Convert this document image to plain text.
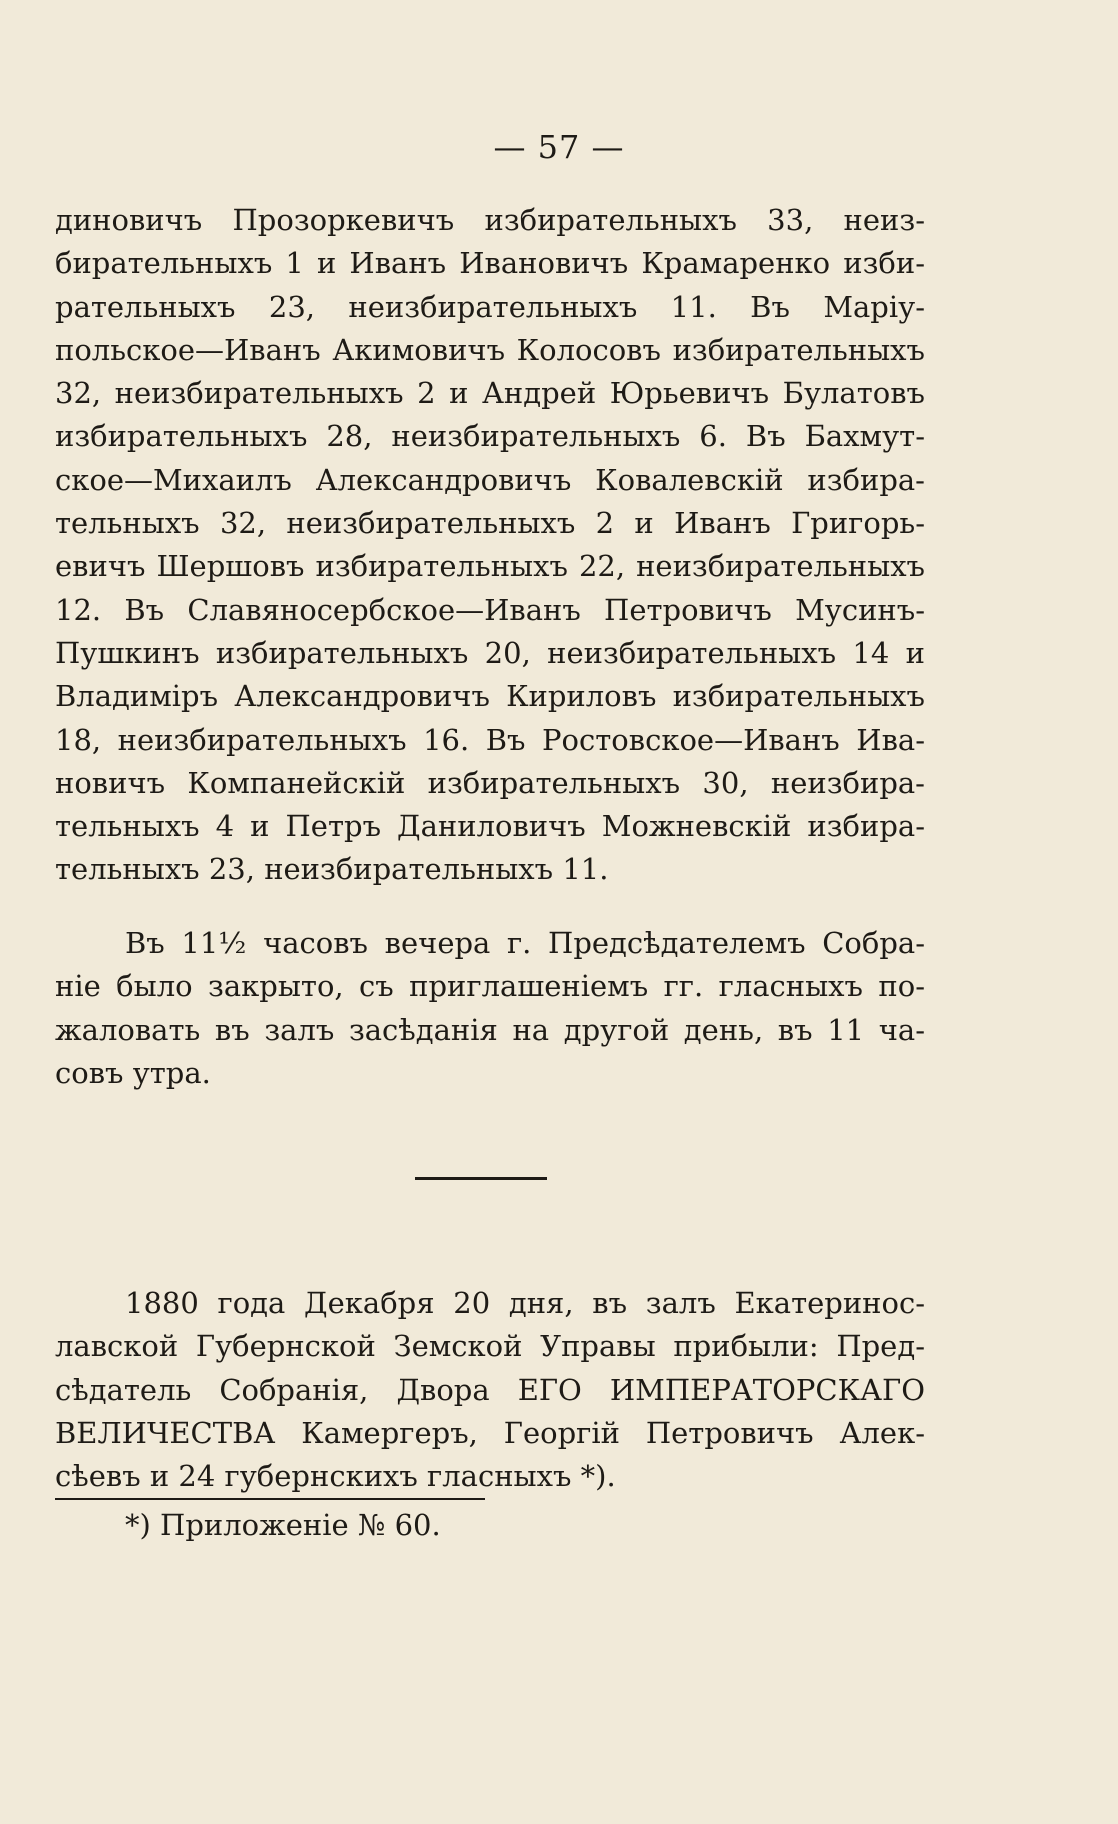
— 57 —
диновичъ Прозоркевичъ избирательныхъ 33, неиз-
бирательныхъ 1 и Иванъ Ивановичъ Крамаренко изби-
рательныхъ 23, неизбирательныхъ 11. Въ Маріу-
польское—Иванъ Акимовичъ Колосовъ избирательныхъ
32, неизбирательныхъ 2 и Андрей Юрьевичъ Булатовъ
избирательныхъ 28, неизбирательныхъ 6. Въ Бахмут-
ское—Михаилъ Александровичъ Ковалевскій избира-
тельныхъ 32, неизбирательныхъ 2 и Иванъ Григорь-
евичъ Шершовъ избирательныхъ 22, неизбирательныхъ
12. Въ Славяносербское—Иванъ Петровичъ Мусинъ-
Пушкинъ избирательныхъ 20, неизбирательныхъ 14 и
Владиміръ Александровичъ Кириловъ избирательныхъ
18, неизбирательныхъ 16. Въ Ростовское—Иванъ Ива-
новичъ Компанейскій избирательныхъ 30, неизбира-
тельныхъ 4 и Петръ Даниловичъ Можневскій избира-
тельныхъ 23, неизбирательныхъ 11.
Въ 11½ часовъ вечера г. Предсѣдателемъ Собра-
ніе было закрыто, съ приглашеніемъ гг. гласныхъ по-
жаловать въ залъ засѣданія на другой день, въ 11 ча-
совъ утра.
1880 года Декабря 20 дня, въ залъ Екатеринос-
лавской Губернской Земской Управы прибыли: Пред-
сѣдатель Собранія, Двора ЕГО ИМПЕРАТОРСКАГО
ВЕЛИЧЕСТВА Камергеръ, Георгій Петровичъ Алек-
сѣевъ и 24 губернскихъ гласныхъ *).
*) Приложеніе № 60.
